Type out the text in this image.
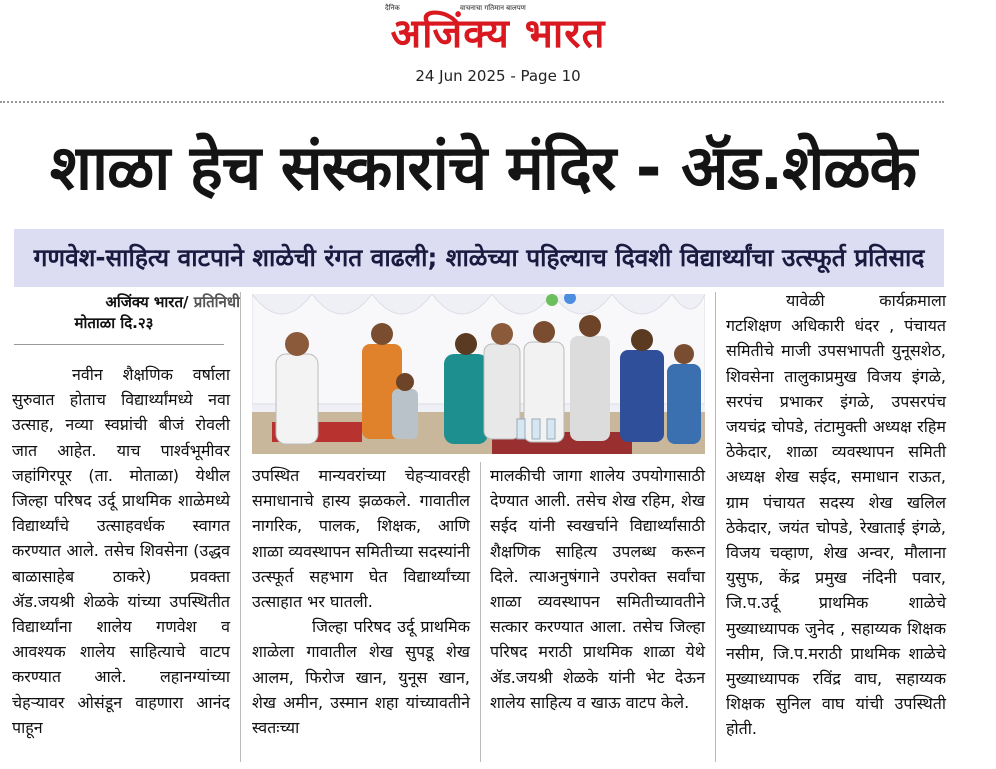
दैनिक	वाचनाचा गतिमान बालपण
अजिंक्य भारत
24 Jun 2025 - Page 10
शाळा हेच संस्कारांचे मंदिर - ॲड.शेळके
गणवेश-साहित्य वाटपाने शाळेची रंगत वाढली; शाळेच्या पहिल्याच दिवशी विद्यार्थ्यांचा उत्स्फूर्त प्रतिसाद
अजिंक्य भारत/ प्रतिनिधी
मोताळा दि.२३

नवीन शैक्षणिक वर्षाला सुरुवात होताच विद्यार्थ्यांमध्ये नवा उत्साह, नव्या स्वप्नांची बीजं रोवली जात आहेत. याच पार्श्वभूमीवर जहांगिरपूर (ता. मोताळा) येथील जिल्हा परिषद उर्दू प्राथमिक शाळेमध्ये विद्यार्थ्यांचे उत्साहवर्धक स्वागत करण्यात आले. तसेच शिवसेना (उद्धव बाळासाहेब ठाकरे) प्रवक्ता ॲड.जयश्री शेळके यांच्या उपस्थितीत विद्यार्थ्यांना शालेय गणवेश व आवश्यक शालेय साहित्याचे वाटप करण्यात आले. लहानग्यांच्या चेहऱ्यावर ओसंडून वाहणारा आनंद पाहून

उपस्थित मान्यवरांच्या चेहऱ्यावरही समाधानाचे हास्य झळकले. गावातील नागरिक, पालक, शिक्षक, आणि शाळा व्यवस्थापन समितीच्या सदस्यांनी उत्स्फूर्त सहभाग घेत विद्यार्थ्यांच्या उत्साहात भर घातली.

जिल्हा परिषद उर्दू प्राथमिक शाळेला गावातील शेख सुपडू शेख आलम, फिरोज खान, युनूस खान, शेख अमीन, उस्मान शहा यांच्यावतीने स्वतःच्या

मालकीची जागा शालेय उपयोगासाठी देण्यात आली. तसेच शेख रहिम, शेख सईद यांनी स्वखर्चाने विद्यार्थ्यांसाठी शैक्षणिक साहित्य उपलब्ध करून दिले. त्याअनुषंगाने उपरोक्त सर्वांचा शाळा व्यवस्थापन समितीच्यावतीने सत्कार करण्यात आला. तसेच जिल्हा परिषद मराठी प्राथमिक शाळा येथे ॲड.जयश्री शेळके यांनी भेट देऊन शालेय साहित्य व खाऊ वाटप केले.

यावेळी कार्यक्रमाला गटशिक्षण अधिकारी धंदर , पंचायत समितीचे माजी उपसभापती युनूसशेठ, शिवसेना तालुकाप्रमुख विजय इंगळे, सरपंच प्रभाकर इंगळे, उपसरपंच जयचंद्र चोपडे, तंटामुक्ती अध्यक्ष रहिम ठेकेदार, शाळा व्यवस्थापन समिती अध्यक्ष शेख सईद, समाधान राऊत, ग्राम पंचायत सदस्य शेख खलिल ठेकेदार, जयंत चोपडे, रेखाताई इंगळे, विजय चव्हाण, शेख अन्वर, मौलाना युसुफ, केंद्र प्रमुख नंदिनी पवार, जि.प.उर्दू प्राथमिक शाळेचे मुख्याध्यापक जुनेद , सहाय्यक शिक्षक नसीम, जि.प.मराठी प्राथमिक शाळेचे मुख्याध्यापक रविंद्र वाघ, सहाय्यक शिक्षक सुनिल वाघ यांची उपस्थिती होती.
